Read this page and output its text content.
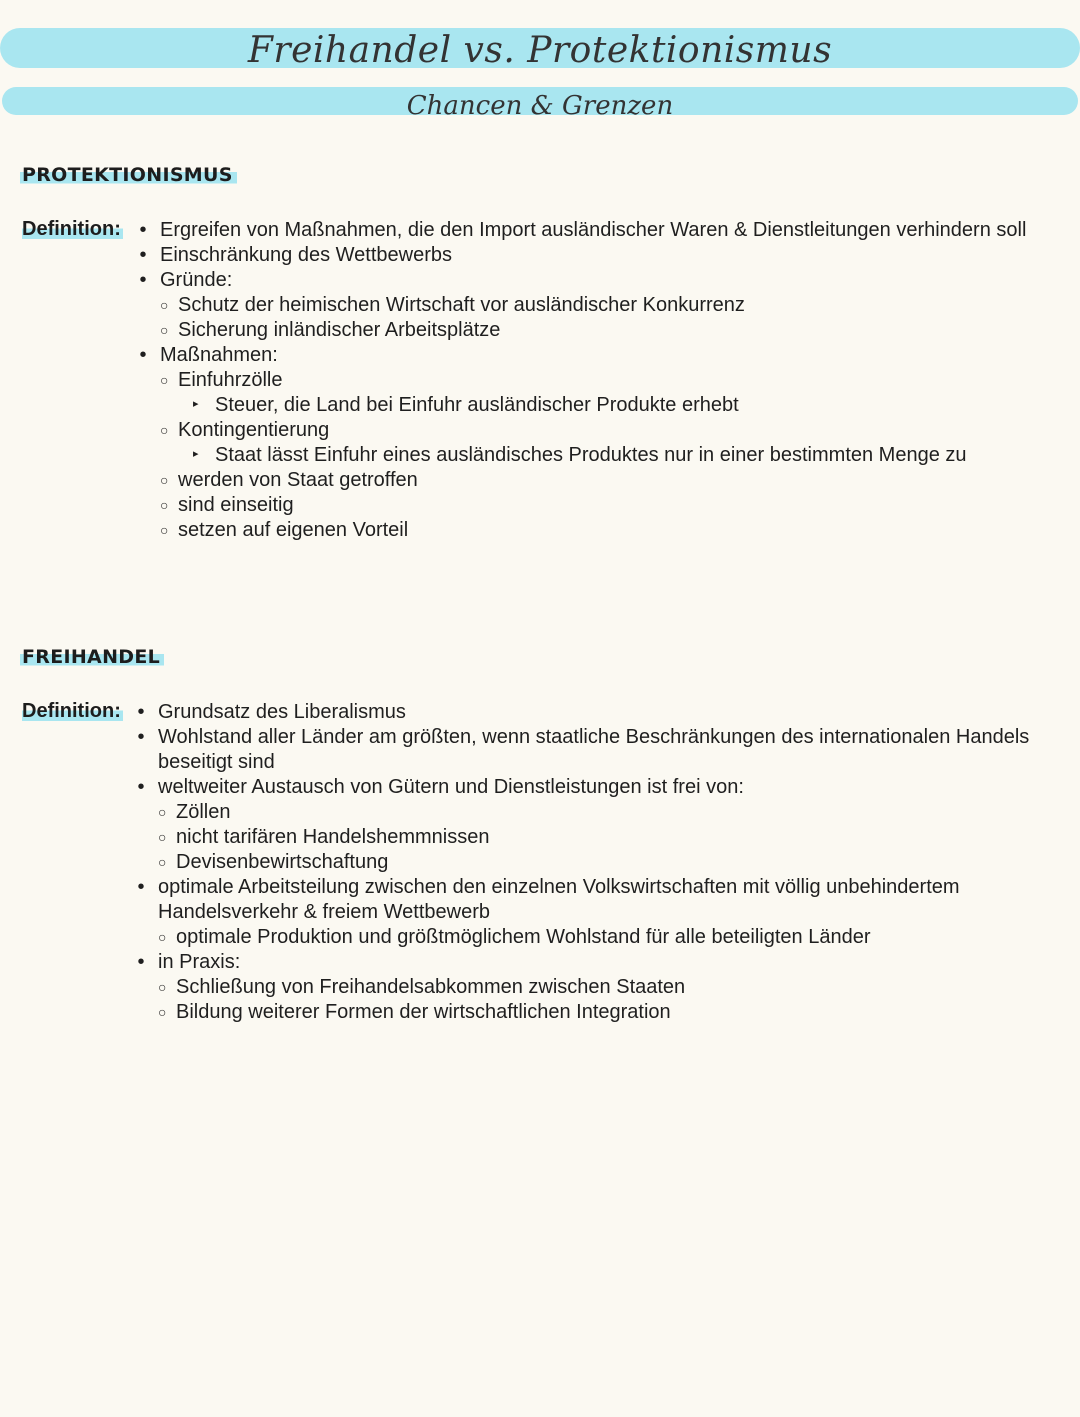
Freihandel vs. Protektionismus
Chancen & Grenzen
PROTEKTIONISMUS
Definition: • Ergreifen von Maßnahmen, die den Import ausländischer Waren & Dienstleitungen verhindern soll
• Einschränkung des Wettbewerbs
• Gründe:
○ Schutz der heimischen Wirtschaft vor ausländischer Konkurrenz
○ Sicherung inländischer Arbeitsplätze
• Maßnahmen:
○ Einfuhrzölle
▸ Steuer, die Land bei Einfuhr ausländischer Produkte erhebt
○ Kontingentierung
▸ Staat lässt Einfuhr eines ausländisches Produktes nur in einer bestimmten Menge zu
○ werden von Staat getroffen
○ sind einseitig
○ setzen auf eigenen Vorteil
FREIHANDEL
Definition: • Grundsatz des Liberalismus
• Wohlstand aller Länder am größten, wenn staatliche Beschränkungen des internationalen Handels beseitigt sind
• weltweiter Austausch von Gütern und Dienstleistungen ist frei von:
○ Zöllen
○ nicht tarifären Handelshemmnissen
○ Devisenbewirtschaftung
• optimale Arbeitsteilung zwischen den einzelnen Volkswirtschaften mit völlig unbehindertem Handelsverkehr & freiem Wettbewerb
○ optimale Produktion und größtmöglichem Wohlstand für alle beteiligten Länder
• in Praxis:
○ Schließung von Freihandelsabkommen zwischen Staaten
○ Bildung weiterer Formen der wirtschaftlichen Integration
